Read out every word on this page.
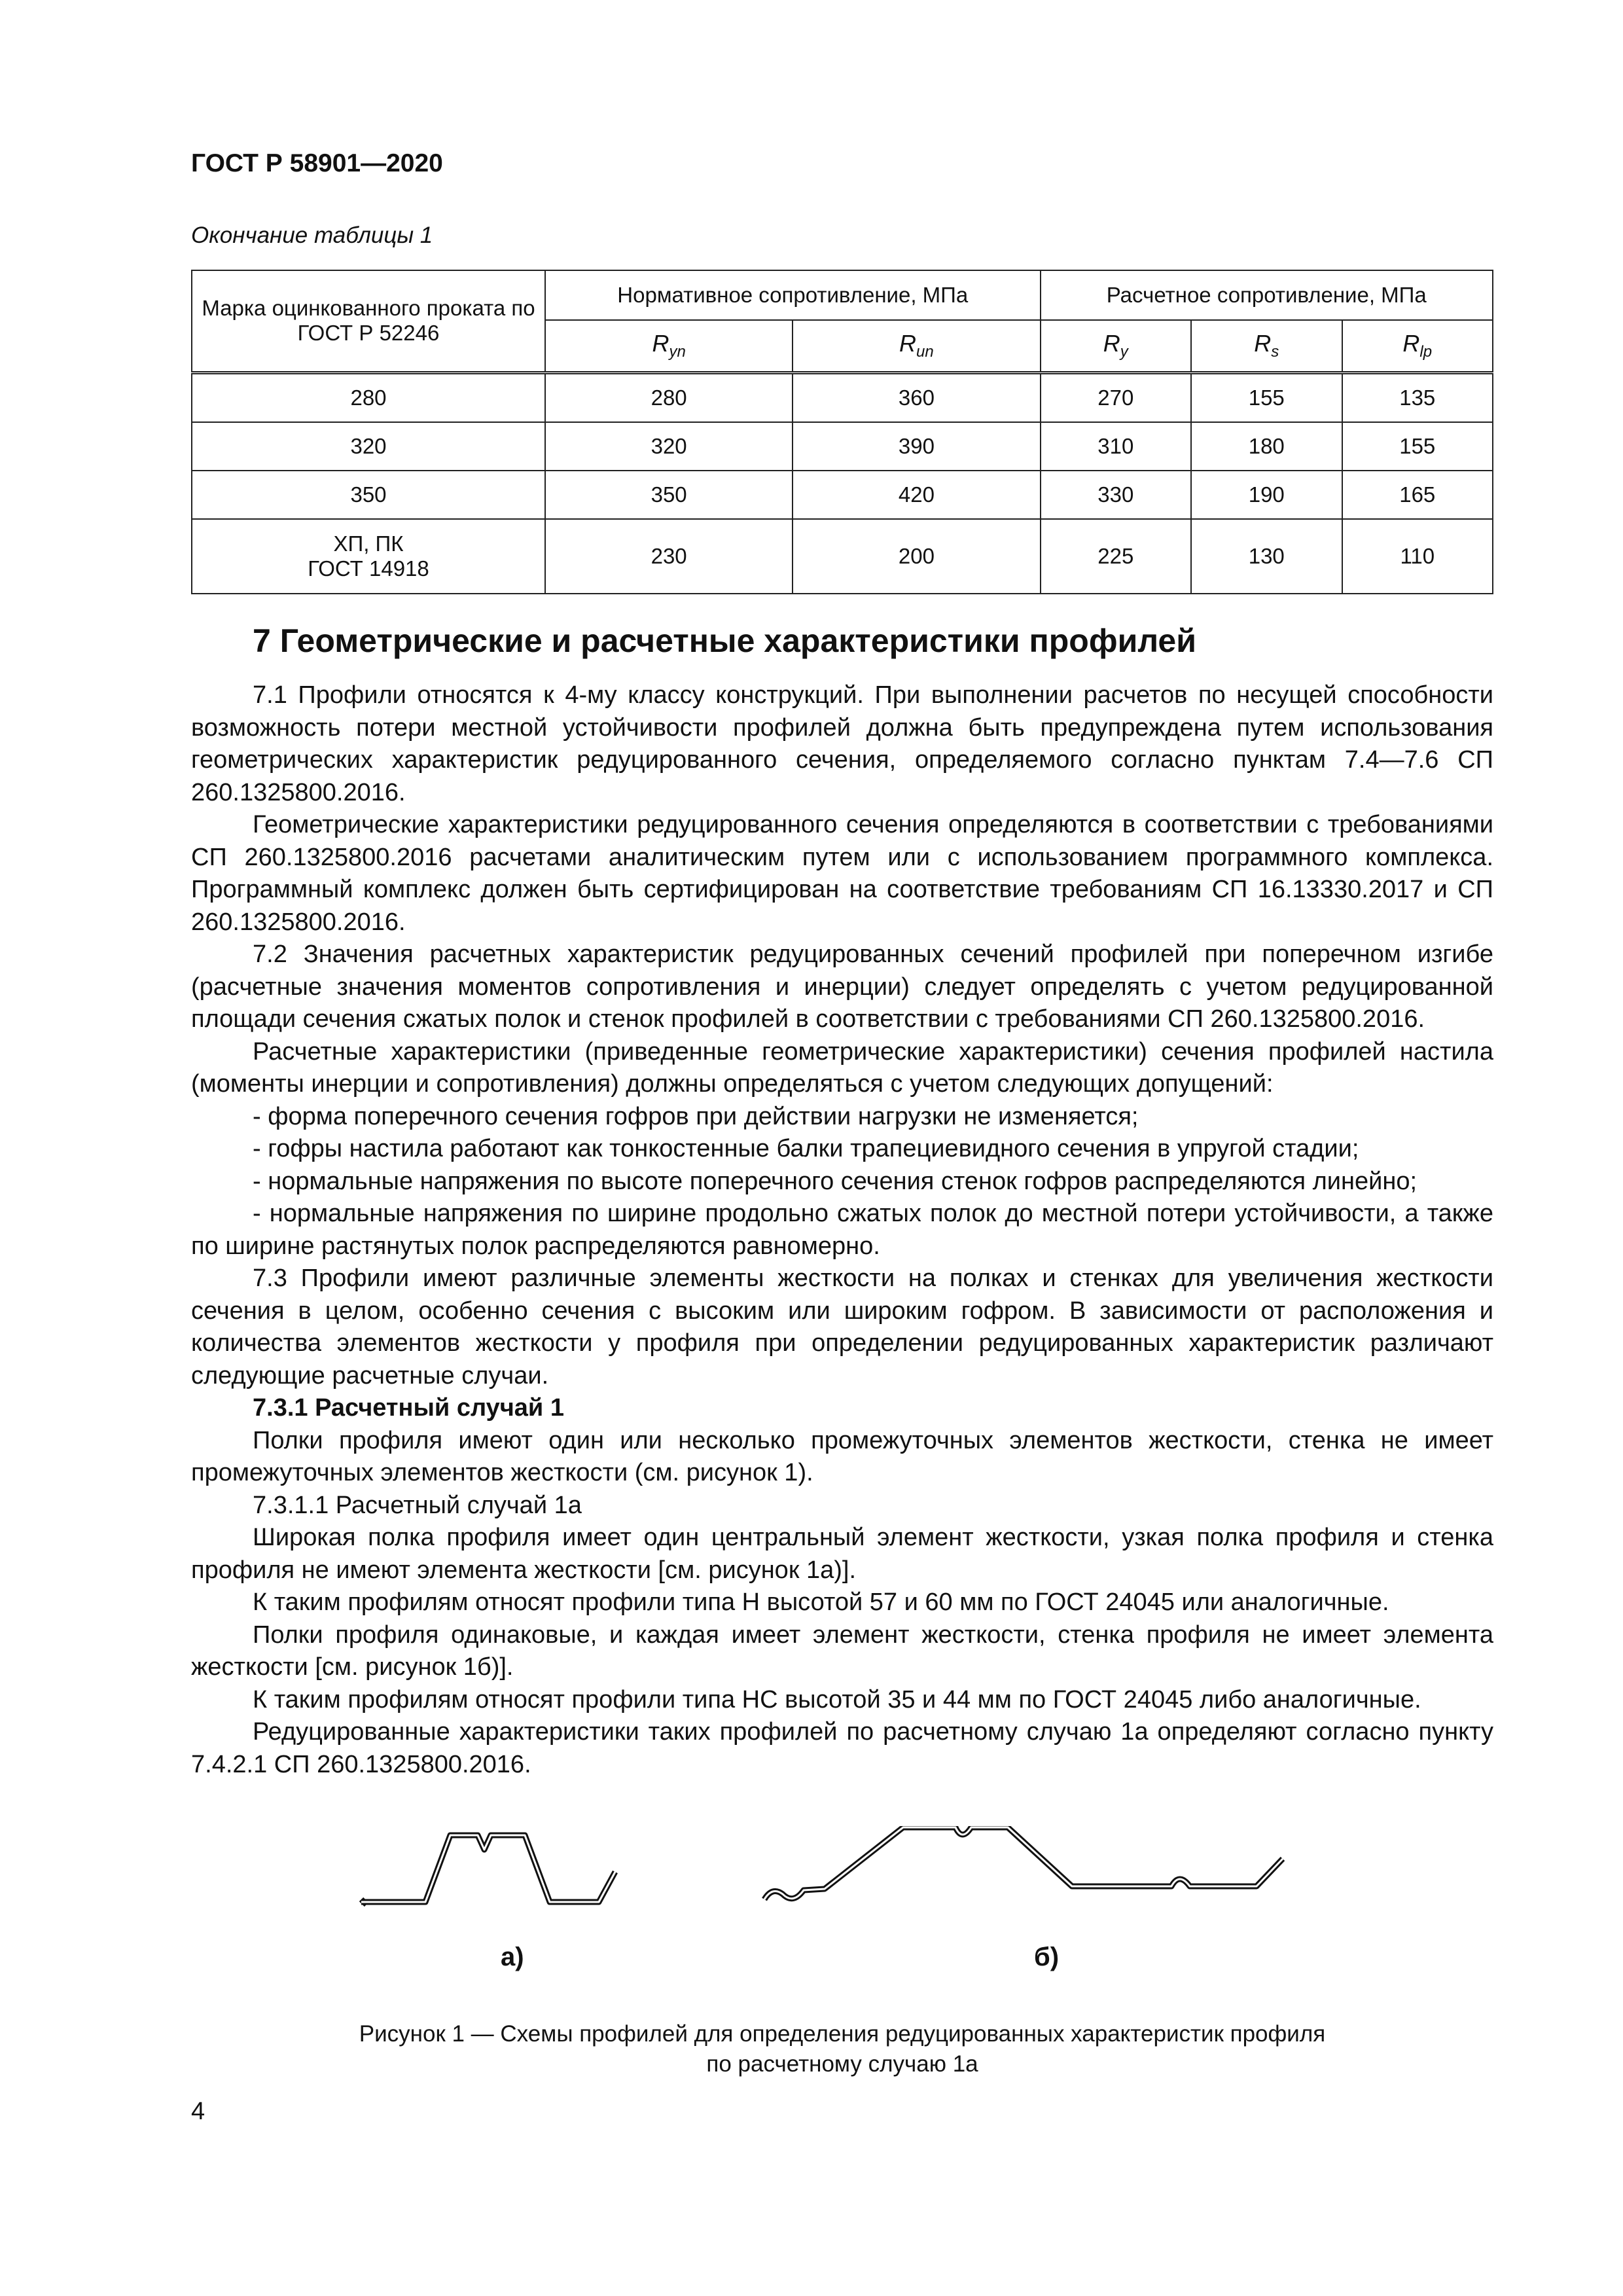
ГОСТ Р 58901—2020
Окончание таблицы 1
Марка оцинкованного проката по ГОСТ Р 52246	Нормативное сопротивление, МПа		Расчетное сопротивление, МПа		
	$R_{yn}$	$R_{un}$	$R_y$	$R_s$	$R_{lp}$
280	280	360	270	155	135
320	320	390	310	180	155
350	350	420	330	190	165
ХП, ПК
ГОСТ 14918	230	200	225	130	110
7 Геометрические и расчетные характеристики профилей

7.1 Профили относятся к 4-му классу конструкций. При выполнении расчетов по несущей способности возможность потери местной устойчивости профилей должна быть предупреждена путем использования геометрических характеристик редуцированного сечения, определяемого согласно пунктам 7.4—7.6 СП 260.1325800.2016.

Геометрические характеристики редуцированного сечения определяются в соответствии с требованиями СП 260.1325800.2016 расчетами аналитическим путем или с использованием программного комплекса. Программный комплекс должен быть сертифицирован на соответствие требованиям СП 16.13330.2017 и СП 260.1325800.2016.

7.2 Значения расчетных характеристик редуцированных сечений профилей при поперечном изгибе (расчетные значения моментов сопротивления и инерции) следует определять с учетом редуцированной площади сечения сжатых полок и стенок профилей в соответствии с требованиями СП 260.1325800.2016.

Расчетные характеристики (приведенные геометрические характеристики) сечения профилей настила (моменты инерции и сопротивления) должны определяться с учетом следующих допущений:

- форма поперечного сечения гофров при действии нагрузки не изменяется;

- гофры настила работают как тонкостенные балки трапециевидного сечения в упругой стадии;

- нормальные напряжения по высоте поперечного сечения стенок гофров распределяются линейно;

- нормальные напряжения по ширине продольно сжатых полок до местной потери устойчивости, а также по ширине растянутых полок распределяются равномерно.

7.3 Профили имеют различные элементы жесткости на полках и стенках для увеличения жесткости сечения в целом, особенно сечения с высоким или широким гофром. В зависимости от расположения и количества элементов жесткости у профиля при определении редуцированных характеристик различают следующие расчетные случаи.

7.3.1 Расчетный случай 1

Полки профиля имеют один или несколько промежуточных элементов жесткости, стенка не имеет промежуточных элементов жесткости (см. рисунок 1).

7.3.1.1 Расчетный случай 1а

Широкая полка профиля имеет один центральный элемент жесткости, узкая полка профиля и стенка профиля не имеют элемента жесткости [см. рисунок 1а)].

К таким профилям относят профили типа Н высотой 57 и 60 мм по ГОСТ 24045 или аналогичные.

Полки профиля одинаковые, и каждая имеет элемент жесткости, стенка профиля не имеет элемента жесткости [см. рисунок 1б)].

К таким профилям относят профили типа НС высотой 35 и 44 мм по ГОСТ 24045 либо аналогичные.

Редуцированные характеристики таких профилей по расчетному случаю 1а определяют согласно пункту 7.4.2.1 СП 260.1325800.2016.

а)	б)
Рисунок 1 — Схемы профилей для определения редуцированных характеристик профиля
по расчетному случаю 1а
4
